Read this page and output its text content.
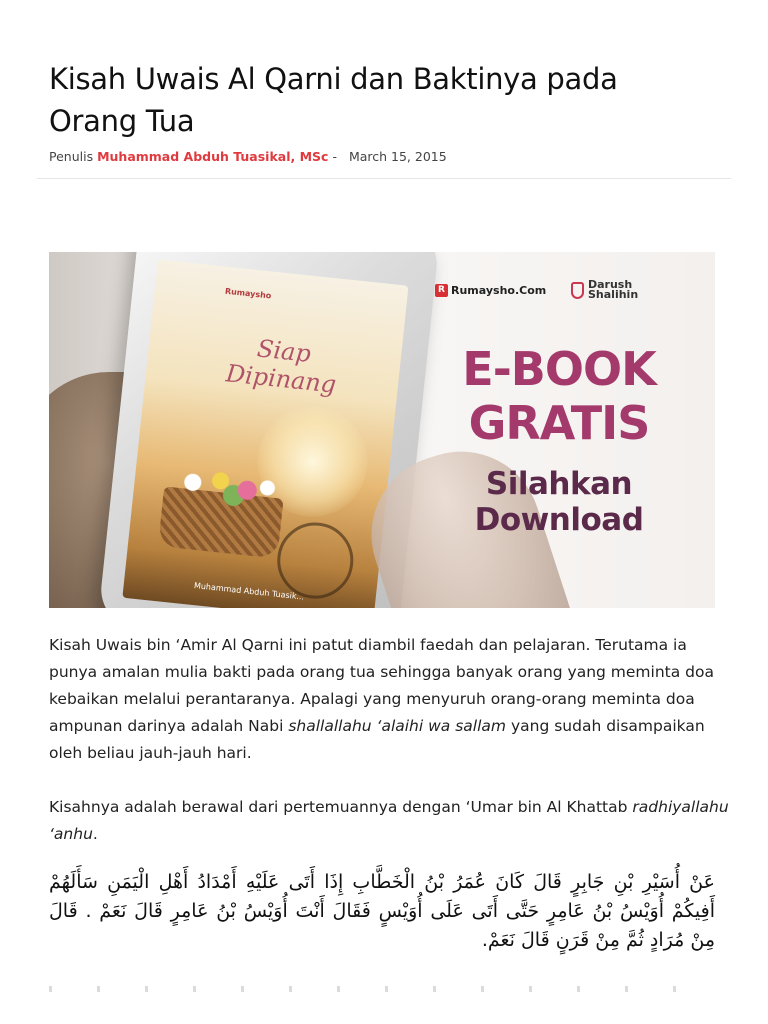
Kisah Uwais Al Qarni dan Baktinya pada Orang Tua
Penulis Muhammad Abduh Tuasikal, MSc - March 15, 2015
Rumaysho
Siap
Dipinang
Muhammad Abduh Tuasik...
R Rumaysho.Com	Darush
Shalihin
E-BOOK
GRATIS
Silahkan
Download

Kisah Uwais bin ‘Amir Al Qarni ini patut diambil faedah dan pelajaran. Terutama ia punya amalan mulia bakti pada orang tua sehingga banyak orang yang meminta doa kebaikan melalui perantaranya. Apalagi yang menyuruh orang-orang meminta doa ampunan darinya adalah Nabi shallallahu ‘alaihi wa sallam yang sudah disampaikan oleh beliau jauh-jauh hari.

Kisahnya adalah berawal dari pertemuannya dengan ‘Umar bin Al Khattab radhiyallahu ‘anhu.

عَنْ أُسَيْرِ بْنِ جَابِرٍ قَالَ كَانَ عُمَرُ بْنُ الْخَطَّابِ إِذَا أَتَى عَلَيْهِ أَمْدَادُ أَهْلِ الْيَمَنِ سَأَلَهُمْ أَفِيكُمْ أُوَيْسُ بْنُ عَامِرٍ حَتَّى أَتَى عَلَى أُوَيْسٍ فَقَالَ أَنْتَ أُوَيْسُ بْنُ عَامِرٍ قَالَ نَعَمْ . قَالَ مِنْ مُرَادٍ ثُمَّ مِنْ قَرَنٍ قَالَ نَعَمْ.
